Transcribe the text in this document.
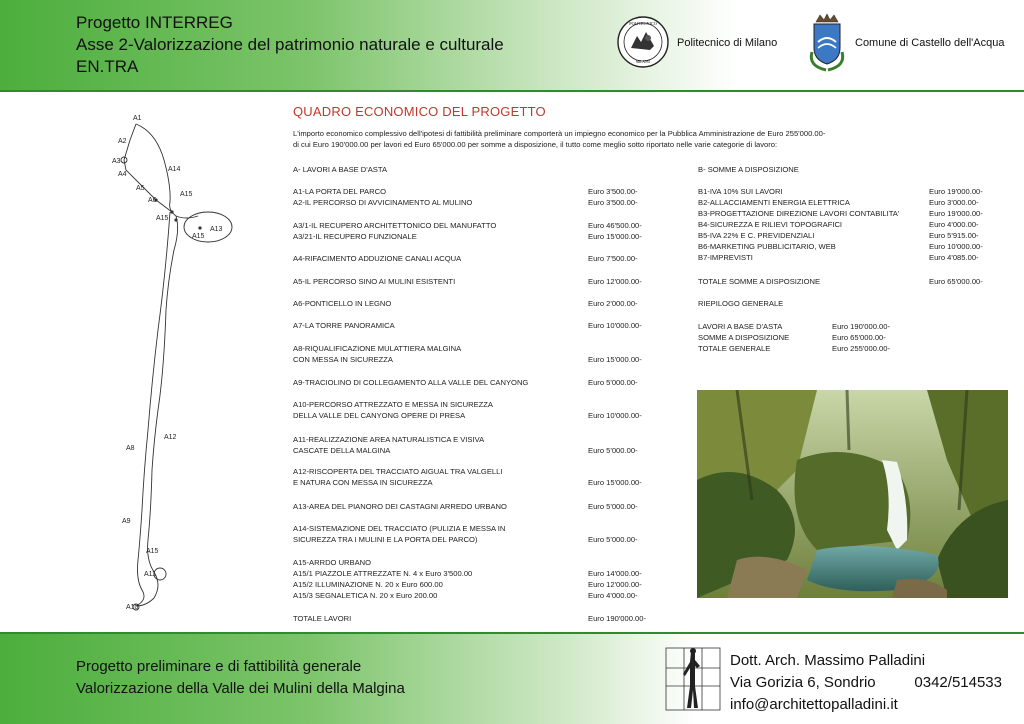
Progetto INTERREG
Asse 2-Valorizzazione del patrimonio naturale e culturale
EN.TRA
POLITECNICO
MILANO
Politecnico di Milano	Comune di Castello dell'Acqua
A1
A2
A3
A4
A5
A14
A6
A15
A15
A13
A15
A12
A8
A9
A15
A11
A10
QUADRO ECONOMICO DEL PROGETTO
L'importo economico complessivo dell'ipotesi di fattibilità preliminare comporterà un impiegno economico per la Pubblica Amministrazione de Euro 255'000.00-
di cui Euro 190'000.00 per lavori ed Euro 65'000.00 per somme a disposizione, il tutto come meglio sotto riportato nelle varie categorie di lavoro:
A- LAVORI A BASE D'ASTA
A1-LA PORTA DEL PARCO	Euro 3'500.00-
A2-IL PERCORSO DI AVVICINAMENTO AL MULINO	Euro 3'500.00-
A3/1-IL RECUPERO ARCHITETTONICO DEL MANUFATTO	Euro 46'500.00-
A3/21-IL RECUPERO FUNZIONALE	Euro 15'000.00-
A4-RIFACIMENTO ADDUZIONE CANALI ACQUA	Euro 7'500.00-
A5-IL PERCORSO SINO AI MULINI ESISTENTI	Euro 12'000.00-
A6-PONTICELLO IN LEGNO	Euro 2'000.00-
A7-LA TORRE PANORAMICA	Euro 10'000.00-
A8-RIQUALIFICAZIONE MULATTIERA MALGINA
CON MESSA IN SICUREZZA	Euro 15'000.00-
A9-TRACIOLINO DI COLLEGAMENTO ALLA VALLE DEL CANYONG	Euro 5'000.00-
A10-PERCORSO ATTREZZATO E MESSA IN SICUREZZA
DELLA VALLE DEL CANYONG OPERE DI PRESA	Euro 10'000.00-
A11-REALIZZAZIONE AREA NATURALISTICA E VISIVA
CASCATE DELLA MALGINA	Euro 5'000.00-
A12-RISCOPERTA DEL TRACCIATO AIGUAL TRA VALGELLI
E NATURA CON MESSA IN SICUREZZA	Euro 15'000.00-
A13-AREA DEL PIANORO DEI CASTAGNI ARREDO URBANO	Euro 5'000.00-
A14-SISTEMAZIONE DEL TRACCIATO (PULIZIA E MESSA IN
SICUREZZA TRA I MULINI E LA PORTA DEL PARCO)	Euro 5'000.00-
A15-ARRDO URBANO
A15/1 PIAZZOLE ATTREZZATE N. 4 x Euro 3'500.00	Euro 14'000.00-
A15/2 ILLUMINAZIONE N. 20 x Euro 600.00	Euro 12'000.00-
A15/3 SEGNALETICA N. 20 x Euro 200.00	Euro 4'000.00-
TOTALE LAVORI	Euro 190'000.00-
B- SOMME A DISPOSIZIONE
B1-IVA 10% SUI LAVORI	Euro 19'000.00-
B2-ALLACCIAMENTI ENERGIA ELETTRICA	Euro 3'000.00-
B3-PROGETTAZIONE DIREZIONE LAVORI CONTABILITA'	Euro 19'000.00-
B4-SICUREZZA E RILIEVI TOPOGRAFICI	Euro 4'000.00-
B5-IVA 22% E C. PREVIDENZIALI	Euro 5'915.00-
B6-MARKETING PUBBLICITARIO, WEB	Euro 10'000.00-
B7-IMPREVISTI	Euro 4'085.00-
TOTALE SOMME A DISPOSIZIONE	Euro 65'000.00-
RIEPILOGO GENERALE
LAVORI A BASE D'ASTA	Euro 190'000.00-
SOMME A DISPOSIZIONE	Euro 65'000.00-
TOTALE GENERALE	Euro 255'000.00-
Progetto preliminare e di fattibilità generale
Valorizzazione della Valle dei Mulini della Malgina
Dott. Arch. Massimo Palladini
Via Gorizia 6, Sondrio	0342/514533
info@architettopalladini.it
